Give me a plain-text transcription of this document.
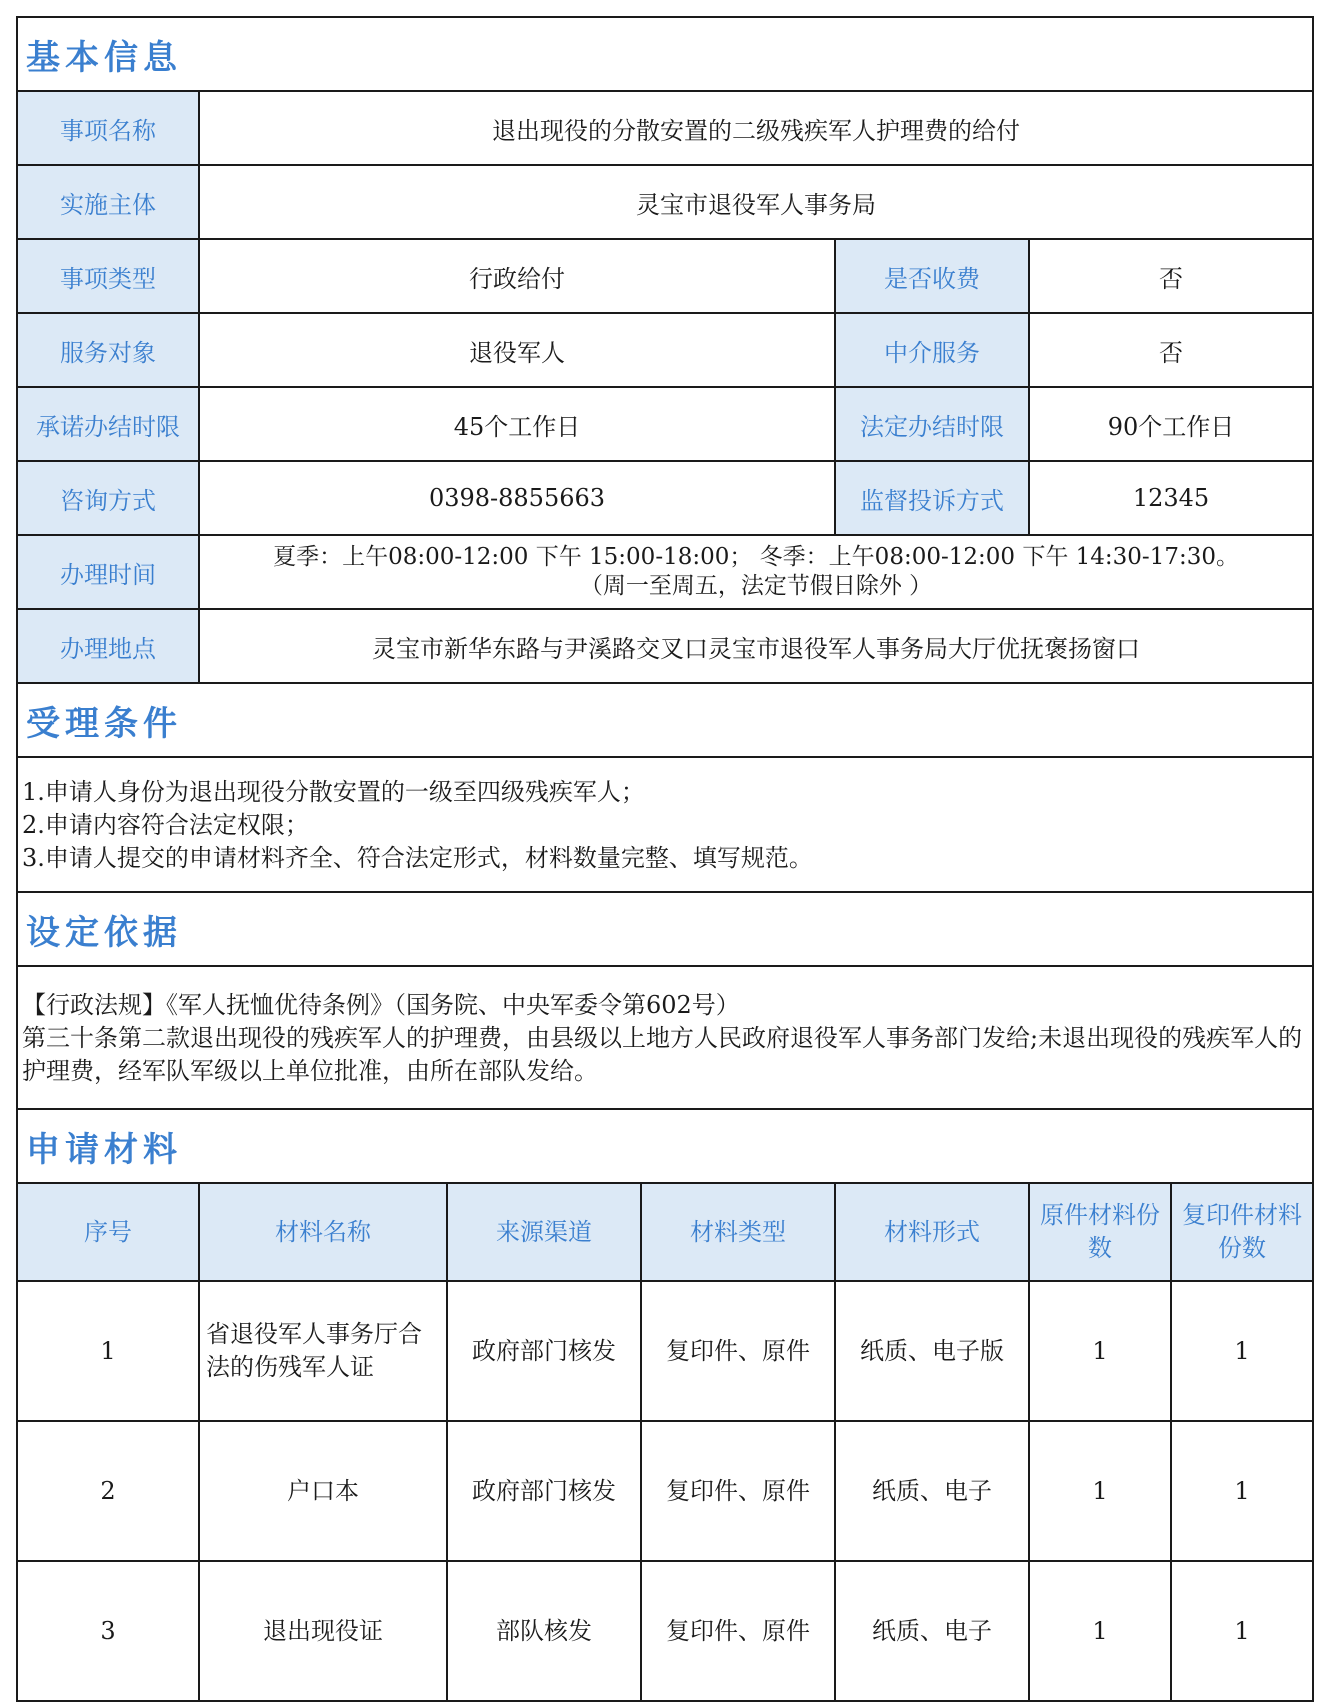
基本信息						
事项名称	退出现役的分散安置的二级残疾军人护理费的给付					
实施主体	灵宝市退役军人事务局					
事项类型	行政给付			是否收费	否	
服务对象	退役军人			中介服务	否	
承诺办结时限	45个工作日			法定办结时限	90个工作日	
咨询方式	0398-8855663			监督投诉方式	12345	
办理时间	夏季：上午08:00-12:00 下午 15:00-18:00； 冬季：上午08:00-12:00 下午 14:30-17:30。
（周一至周五，法定节假日除外 ）					

办理地点	灵宝市新华东路与尹溪路交叉口灵宝市退役军人事务局大厅优抚褒扬窗口					
受理条件						

1.申请人身份为退出现役分散安置的一级至四级残疾军人；
2.申请内容符合法定权限；
3.申请人提交的申请材料齐全、符合法定形式，材料数量完整、填写规范。						

设定依据						

【行政法规】《军人抚恤优待条例》（国务院、中央军委令第602号）
第三十条第二款退出现役的残疾军人的护理费，由县级以上地方人民政府退役军人事务部门发给;未退出现役的残疾军人的护理费，经军队军级以上单位批准，由所在部队发给。						

申请材料						
序号	材料名称	来源渠道	材料类型	材料形式	原件材料份数	复印件材料份数
1	省退役军人事务厅合法的伤残军人证	政府部门核发	复印件、原件	纸质、电子版	1	1
2	户口本	政府部门核发	复印件、原件	纸质、电子	1	1
3	退出现役证	部队核发	复印件、原件	纸质、电子	1	1
